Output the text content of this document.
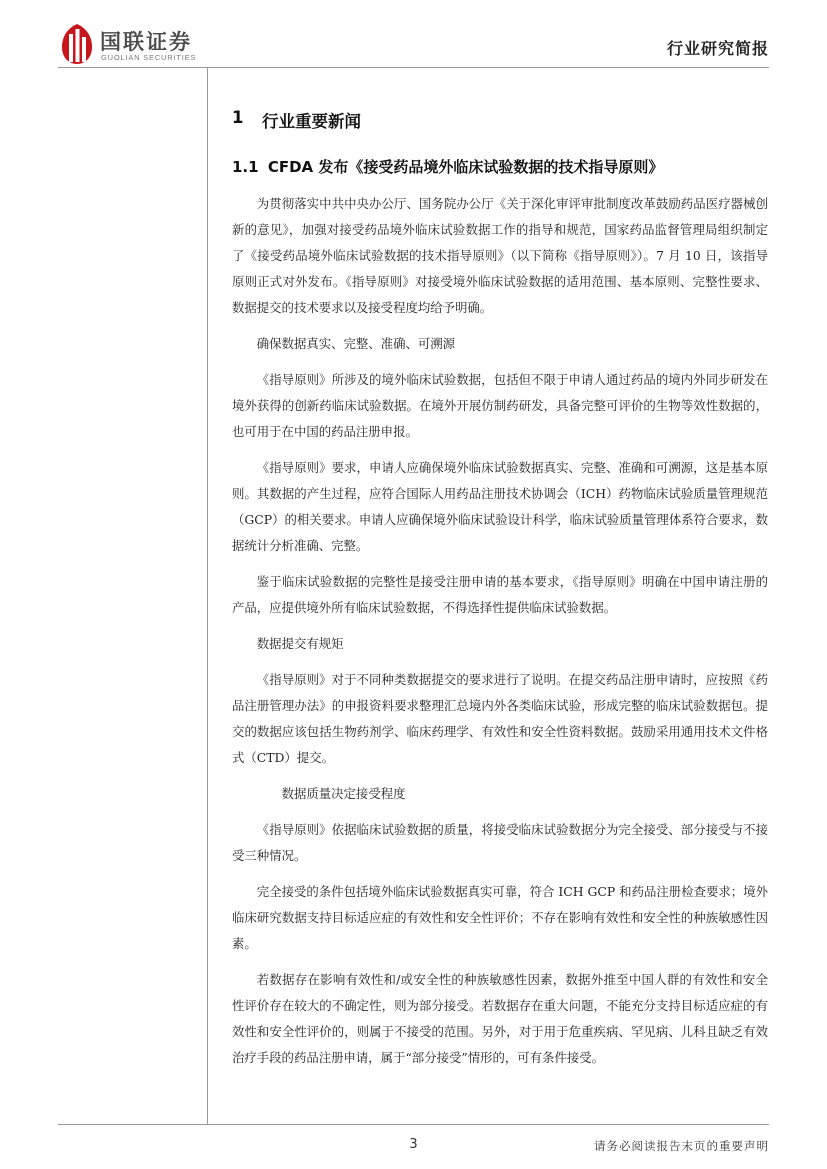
国联证券
GUOLIAN SECURITIES	行业研究简报
1	行业重要新闻
1.1 CFDA 发布《接受药品境外临床试验数据的技术指导原则》

为贯彻落实中共中央办公厅、国务院办公厅《关于深化审评审批制度改革鼓励药品医疗器械创新的意见》，加强对接受药品境外临床试验数据工作的指导和规范，国家药品监督管理局组织制定了《接受药品境外临床试验数据的技术指导原则》（以下简称《指导原则》）。7 月 10 日，该指导原则正式对外发布。《指导原则》对接受境外临床试验数据的适用范围、基本原则、完整性要求、数据提交的技术要求以及接受程度均给予明确。

确保数据真实、完整、准确、可溯源

《指导原则》所涉及的境外临床试验数据，包括但不限于申请人通过药品的境内外同步研发在境外获得的创新药临床试验数据。在境外开展仿制药研发，具备完整可评价的生物等效性数据的，也可用于在中国的药品注册申报。

《指导原则》要求，申请人应确保境外临床试验数据真实、完整、准确和可溯源，这是基本原则。其数据的产生过程，应符合国际人用药品注册技术协调会（ICH）药物临床试验质量管理规范（GCP）的相关要求。申请人应确保境外临床试验设计科学，临床试验质量管理体系符合要求，数据统计分析准确、完整。

鉴于临床试验数据的完整性是接受注册申请的基本要求，《指导原则》明确在中国申请注册的产品，应提供境外所有临床试验数据，不得选择性提供临床试验数据。

数据提交有规矩

《指导原则》对于不同种类数据提交的要求进行了说明。在提交药品注册申请时，应按照《药品注册管理办法》的申报资料要求整理汇总境内外各类临床试验，形成完整的临床试验数据包。提交的数据应该包括生物药剂学、临床药理学、有效性和安全性资料数据。鼓励采用通用技术文件格式（CTD）提交。

数据质量决定接受程度

《指导原则》依据临床试验数据的质量，将接受临床试验数据分为完全接受、部分接受与不接受三种情况。

完全接受的条件包括境外临床试验数据真实可靠，符合 ICH GCP 和药品注册检查要求；境外临床研究数据支持目标适应症的有效性和安全性评价；不存在影响有效性和安全性的种族敏感性因素。

若数据存在影响有效性和/或安全性的种族敏感性因素，数据外推至中国人群的有效性和安全性评价存在较大的不确定性，则为部分接受。若数据存在重大问题，不能充分支持目标适应症的有效性和安全性评价的，则属于不接受的范围。另外，对于用于危重疾病、罕见病、儿科且缺乏有效治疗手段的药品注册申请，属于“部分接受”情形的，可有条件接受。

3	请务必阅读报告末页的重要声明
